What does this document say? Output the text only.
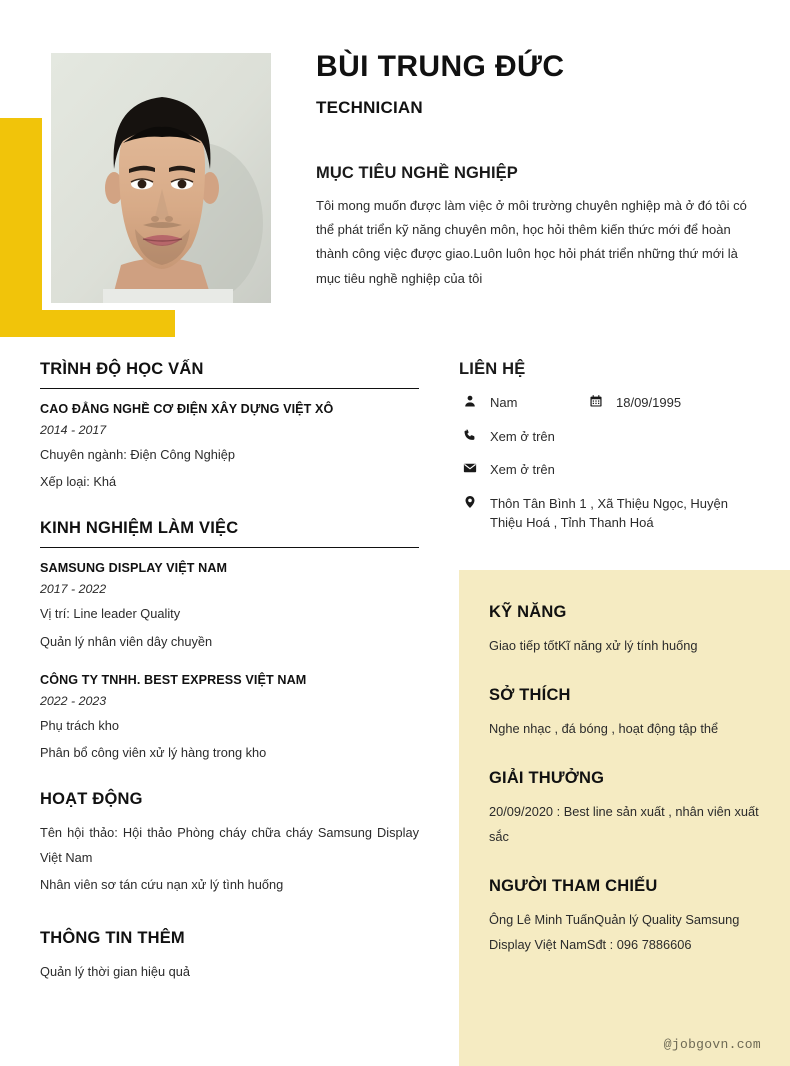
BÙI TRUNG ĐỨC
TECHNICIAN
MỤC TIÊU NGHỀ NGHIỆP
Tôi mong muốn được làm việc ở môi trường chuyên nghiệp mà ở đó tôi có thể phát triển kỹ năng chuyên môn, học hỏi thêm kiến thức mới để hoàn thành công việc được giao.Luôn luôn học hỏi phát triển những thứ mới là mục tiêu nghề nghiệp của tôi
TRÌNH ĐỘ HỌC VẤN
CAO ĐẲNG NGHỀ CƠ ĐIỆN XÂY DỰNG VIỆT XÔ
2014 - 2017
Chuyên ngành: Điện Công Nghiệp
Xếp loại: Khá
KINH NGHIỆM LÀM VIỆC
SAMSUNG DISPLAY VIỆT NAM
2017 - 2022
Vị trí: Line leader Quality
Quản lý nhân viên dây chuyền
CÔNG TY TNHH. BEST EXPRESS VIỆT NAM
2022 - 2023
Phụ trách kho
Phân bổ công viên xử lý hàng trong kho
HOẠT ĐỘNG
Tên hội thảo: Hội thảo Phòng cháy chữa cháy Samsung Display Việt Nam
Nhân viên sơ tán cứu nạn xử lý tình huống
THÔNG TIN THÊM
Quản lý thời gian hiệu quả
LIÊN HỆ
Nam	18/09/1995
Xem ở trên
Xem ở trên
Thôn Tân Bình 1 , Xã Thiệu Ngọc, Huyện Thiệu Hoá , Tỉnh Thanh Hoá
KỸ NĂNG
Giao tiếp tốtKĩ năng xử lý tính huống
SỞ THÍCH
Nghe nhạc , đá bóng , hoạt động tập thể
GIẢI THƯỞNG
20/09/2020 : Best line sản xuất , nhân viên xuất sắc
NGƯỜI THAM CHIẾU
Ông Lê Minh TuấnQuản lý Quality Samsung Display Việt NamSđt : 096 7886606
@jobgovn.com
